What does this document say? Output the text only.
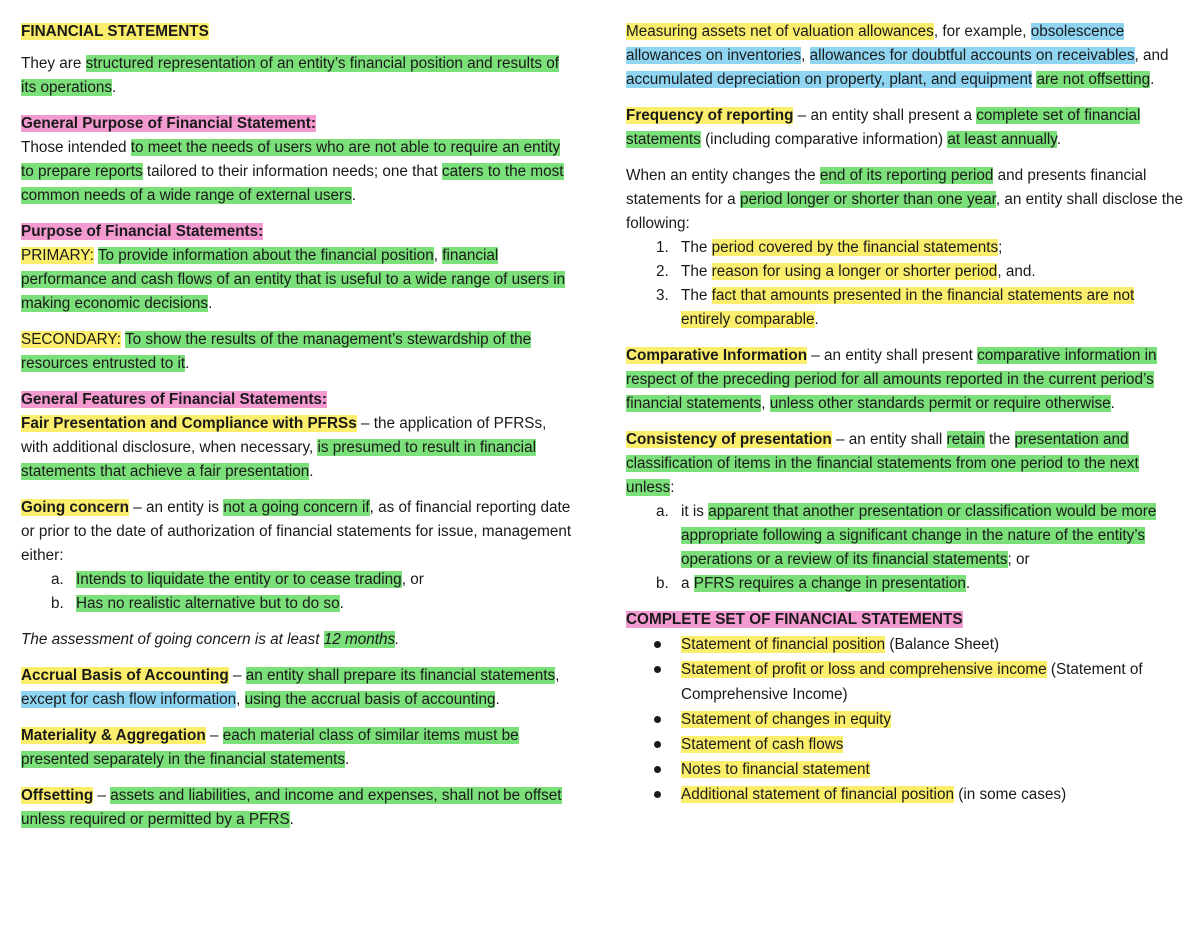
FINANCIAL STATEMENTS

They are structured representation of an entity’s financial position and results of its operations.

General Purpose of Financial Statement:
Those intended to meet the needs of users who are not able to require an entity to prepare reports tailored to their information needs; one that caters to the most common needs of a wide range of external users.

Purpose of Financial Statements:
PRIMARY: To provide information about the financial position, financial performance and cash flows of an entity that is useful to a wide range of users in making economic decisions.

SECONDARY: To show the results of the management’s stewardship of the resources entrusted to it.

General Features of Financial Statements:
Fair Presentation and Compliance with PFRSs – the application of PFRSs, with additional disclosure, when necessary, is presumed to result in financial statements that achieve a fair presentation.

Going concern – an entity is not a going concern if, as of financial reporting date or prior to the date of authorization of financial statements for issue, management either:

a. Intends to liquidate the entity or to cease trading, or
b. Has no realistic alternative but to do so.

The assessment of going concern is at least 12 months.

Accrual Basis of Accounting – an entity shall prepare its financial statements, except for cash flow information, using the accrual basis of accounting.

Materiality & Aggregation – each material class of similar items must be presented separately in the financial statements.

Offsetting – assets and liabilities, and income and expenses, shall not be offset unless required or permitted by a PFRS.

Measuring assets net of valuation allowances, for example, obsolescence allowances on inventories, allowances for doubtful accounts on receivables, and accumulated depreciation on property, plant, and equipment are not offsetting.

Frequency of reporting – an entity shall present a complete set of financial statements (including comparative information) at least annually.

When an entity changes the end of its reporting period and presents financial statements for a period longer or shorter than one year, an entity shall disclose the following:

1. The period covered by the financial statements;
2. The reason for using a longer or shorter period, and.
3. The fact that amounts presented in the financial statements are not entirely comparable.

Comparative Information – an entity shall present comparative information in respect of the preceding period for all amounts reported in the current period’s financial statements, unless other standards permit or require otherwise.

Consistency of presentation – an entity shall retain the presentation and classification of items in the financial statements from one period to the next unless:

a. it is apparent that another presentation or classification would be more appropriate following a significant change in the nature of the entity’s operations or a review of its financial statements; or
b. a PFRS requires a change in presentation.

COMPLETE SET OF FINANCIAL STATEMENTS

Statement of financial position (Balance Sheet)
Statement of profit or loss and comprehensive income (Statement of Comprehensive Income)
Statement of changes in equity
Statement of cash flows
Notes to financial statement
Additional statement of financial position (in some cases)
